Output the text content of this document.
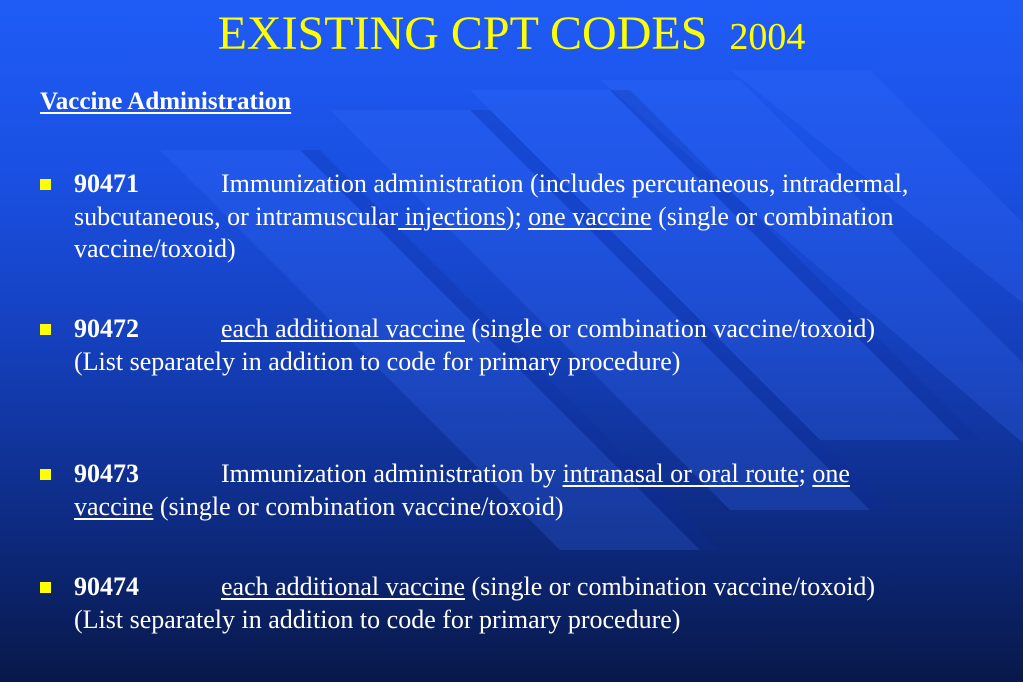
EXISTING CPT CODES 2004
Vaccine Administration
90471	Immunization administration (includes percutaneous, intradermal, subcutaneous, or intramuscular injections); one vaccine (single or combination vaccine/toxoid)
90472	each additional vaccine (single or combination vaccine/toxoid) (List separately in addition to code for primary procedure)
90473	Immunization administration by intranasal or oral route; one vaccine (single or combination vaccine/toxoid)
90474	each additional vaccine (single or combination vaccine/toxoid) (List separately in addition to code for primary procedure)
